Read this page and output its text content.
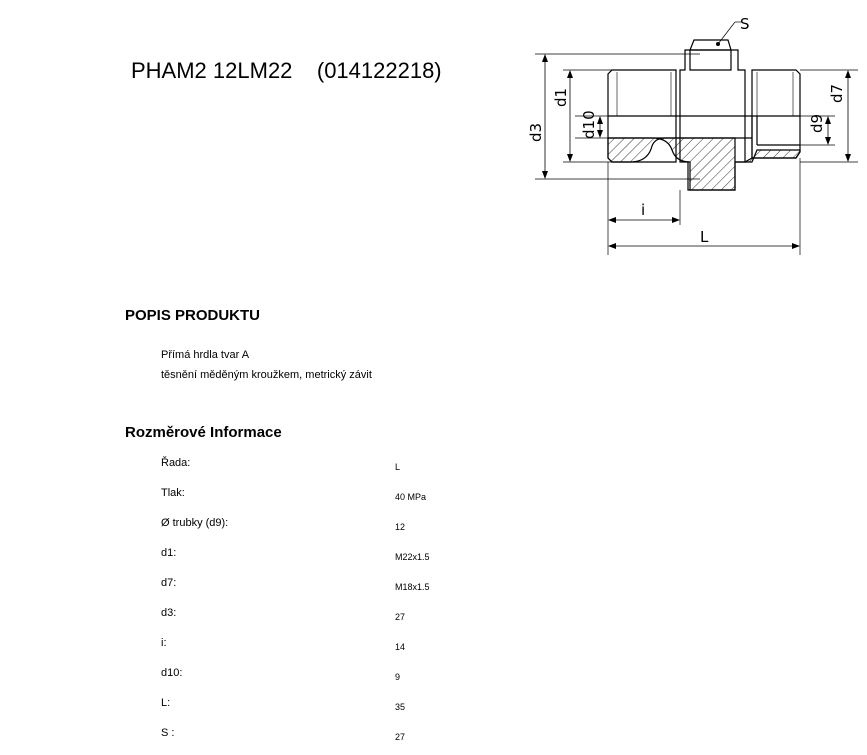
PHAM2 12LM22    (014122218)
S
d3
d1
d10	d9
d7
i
L
POPIS PRODUKTU
Přímá hrdla tvar A
těsnění měděným kroužkem, metrický závit
Rozměrové Informace
Řada:	L
Tlak:	40 MPa
Ø trubky (d9):	12
d1:	M22x1.5
d7:	M18x1.5
d3:	27
i:	14
d10:	9
L:	35
S :	27
